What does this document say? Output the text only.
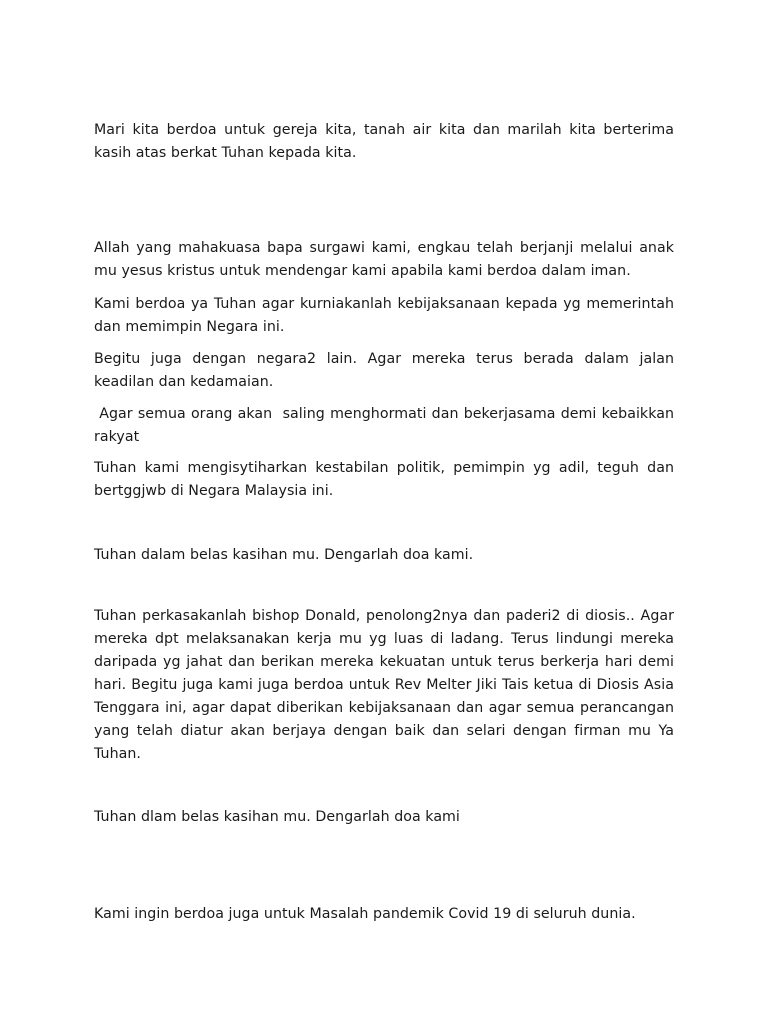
Mari kita berdoa untuk gereja kita, tanah air kita dan marilah kita berterima kasih atas berkat Tuhan kepada kita.

Allah yang mahakuasa bapa surgawi kami, engkau telah berjanji melalui anak mu yesus kristus untuk mendengar kami apabila kami berdoa dalam iman.

Kami berdoa ya Tuhan agar kurniakanlah kebijaksanaan kepada yg memerintah dan memimpin Negara ini.

Begitu juga dengan negara2 lain. Agar mereka terus berada dalam jalan keadilan dan kedamaian.

Agar semua orang akan  saling menghormati dan bekerjasama demi kebaikkan rakyat

Tuhan kami mengisytiharkan kestabilan politik, pemimpin yg adil, teguh dan bertggjwb di Negara Malaysia ini.

Tuhan dalam belas kasihan mu. Dengarlah doa kami.

Tuhan perkasakanlah bishop Donald, penolong2nya dan paderi2 di diosis.. Agar mereka dpt melaksanakan kerja mu yg luas di ladang. Terus lindungi mereka daripada yg jahat dan berikan mereka kekuatan untuk terus berkerja hari demi hari. Begitu juga kami juga berdoa untuk Rev Melter Jiki Tais ketua di Diosis Asia Tenggara ini, agar dapat diberikan kebijaksanaan dan agar semua perancangan yang telah diatur akan berjaya dengan baik dan selari dengan firman mu Ya Tuhan.

Tuhan dlam belas kasihan mu. Dengarlah doa kami

Kami ingin berdoa juga untuk Masalah pandemik Covid 19 di seluruh dunia.
